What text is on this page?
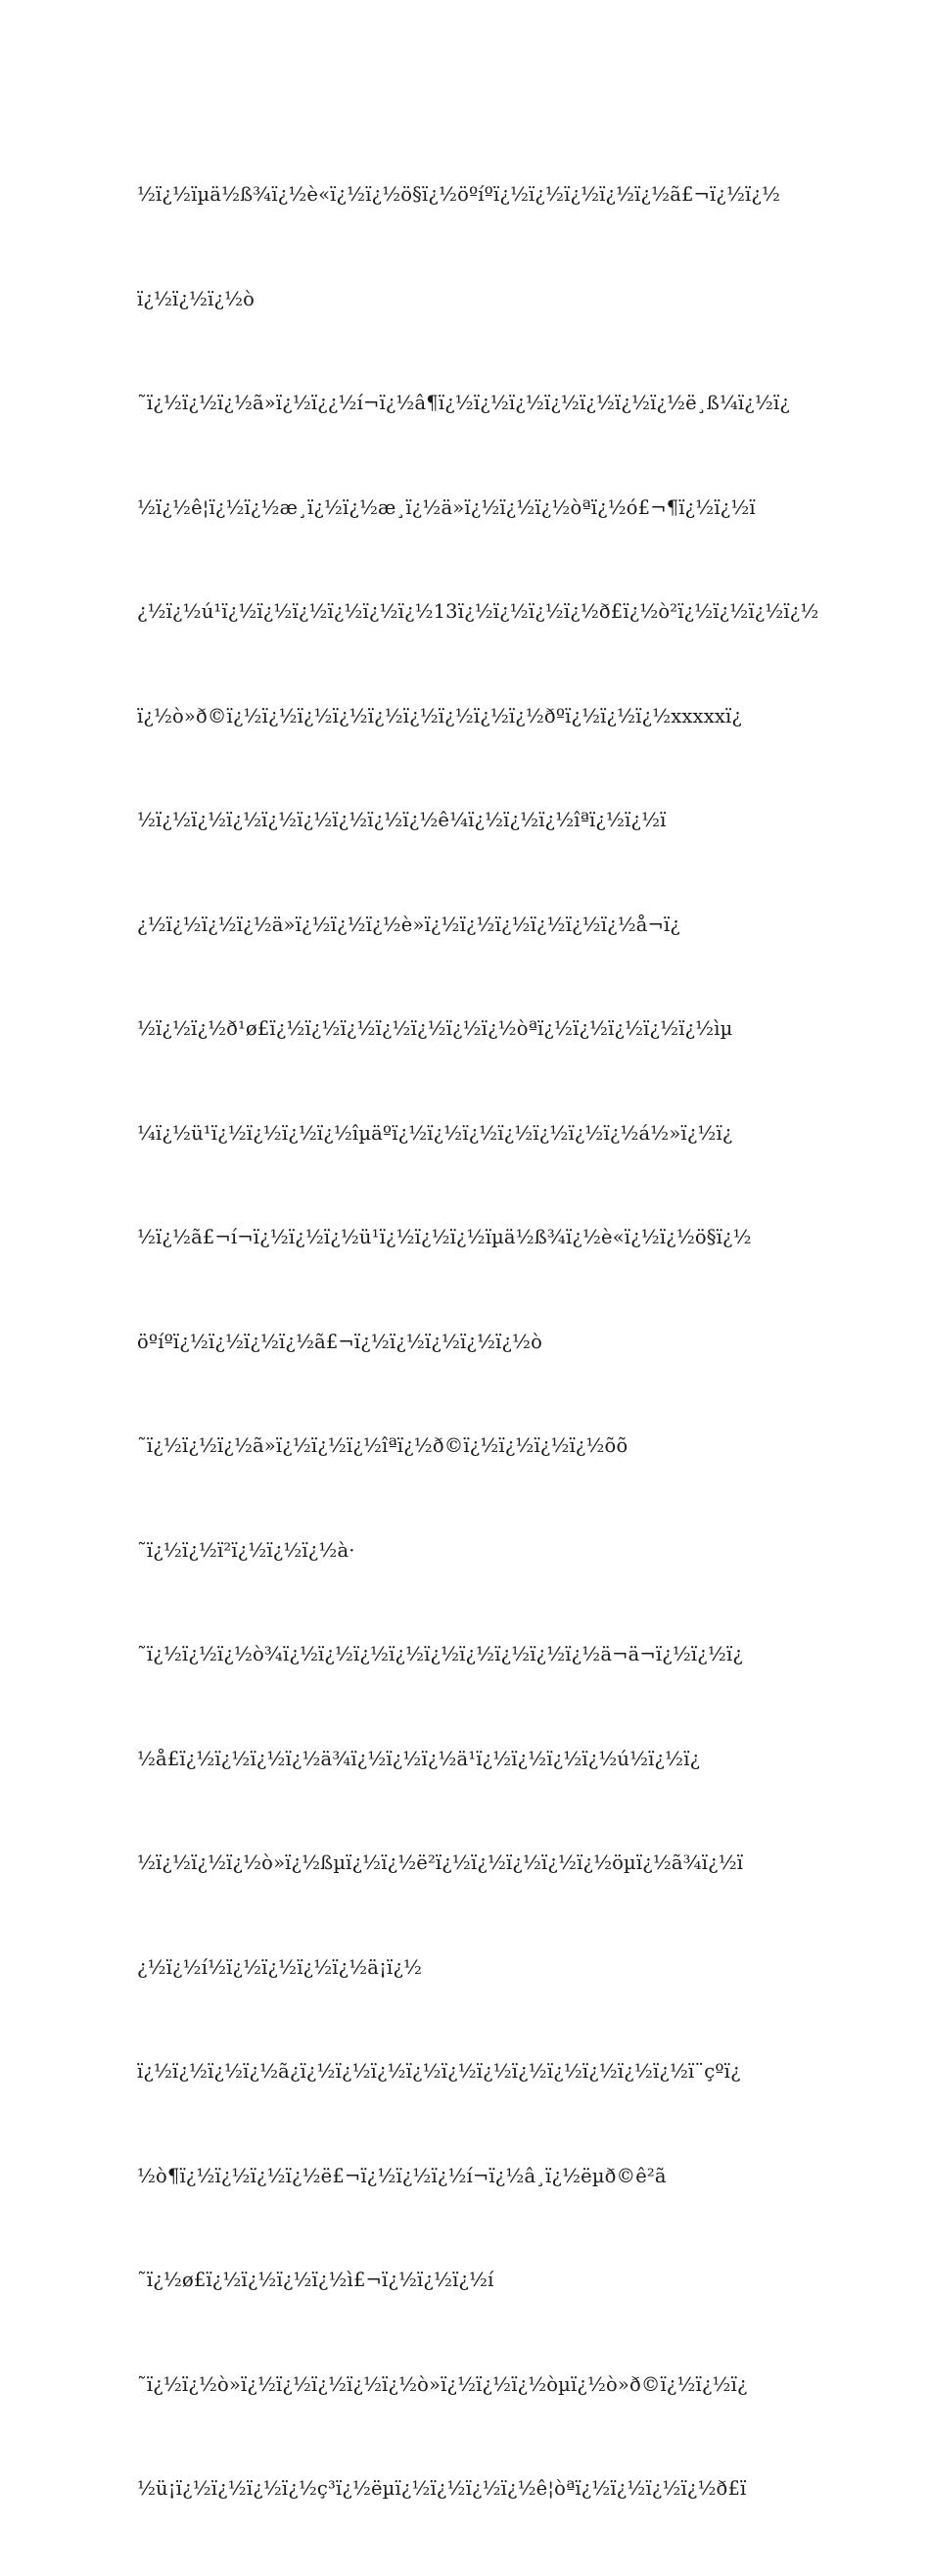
½ï¿½ïµä½ß¾ï¿½è«ï¿½ï¿½ö§ï¿½öºíºï¿½ï¿½ï¿½ï¿½ï¿½ã£¬ï¿½ï¿½

ï¿½ï¿½ï¿½ò

˜ï¿½ï¿½ï¿½ã»ï¿½ï¿¿½í¬ï¿½â¶ï¿½ï¿½ï¿½ï¿½ï¿½ï¿½ï¿½ë¸ß¼ï¿½ï¿

½ï¿½ê¦ï¿½ï¿½æ¸ï¿½ï¿½æ¸ï¿½ä»ï¿½ï¿½ï¿½òªï¿½ó£¬¶ï¿½ï¿½ï

¿½ï¿½ú¹ï¿½ï¿½ï¿½ï¿½ï¿½ï¿½13ï¿½ï¿½ï¿½ï¿½ð£ï¿½ò²ï¿½ï¿½ï¿½ï¿½

ï¿½ò»ð©ï¿½ï¿½ï¿½ï¿½ï¿½ï¿½ï¿½ï¿½ï¿½ðºï¿½ï¿½ï¿½xxxxxï¿

½ï¿½ï¿½ï¿½ï¿½ï¿½ï¿½ï¿½ï¿½ê¼ï¿½ï¿½ï¿½îªï¿½ï¿½ï

¿½ï¿½ï¿½ï¿½ä»ï¿½ï¿½ï¿½è»ï¿½ï¿½ï¿½ï¿½ï¿½ï¿½å¬ï¿

½ï¿½ï¿½ð¹ø£ï¿½ï¿½ï¿½ï¿½ï¿½ï¿½ï¿½òªï¿½ï¿½ï¿½ï¿½ï¿½ìµ

¼ï¿½ü¹ï¿½ï¿½ï¿½ï¿½îµäºï¿½ï¿½ï¿½ï¿½ï¿½ï¿½ï¿½á½»ï¿½ï¿

½ï¿½ã£¬í¬ï¿½ï¿½ï¿½ü¹ï¿½ï¿½ï¿½ïµä½ß¾ï¿½è«ï¿½ï¿½ö§ï¿½

öºíºï¿½ï¿½ï¿½ï¿½ã£¬ï¿½ï¿½ï¿½ï¿½ï¿½ò

˜ï¿½ï¿½ï¿½ã»ï¿½ï¿½ï¿½îªï¿½ð©ï¿½ï¿½ï¿½ï¿½õõ

˜ï¿½ï¿½ï²ï¿½ï¿½ï¿½à·

˜ï¿½ï¿½ï¿½ò¾ï¿½ï¿½ï¿½ï¿½ï¿½ï¿½ï¿½ï¿½ï¿½ä¬ä¬ï¿½ï¿½ï¿

½å£ï¿½ï¿½ï¿½ï¿½ä¾ï¿½ï¿½ï¿½ä¹ï¿½ï¿½ï¿½ï¿½ú½ï¿½ï¿

½ï¿½ï¿½ï¿½ò»ï¿½ßµï¿½ï¿½ë²ï¿½ï¿½ï¿½ï¿½ï¿½öµï¿½ã¾ï¿½ï

¿½ï¿½í½ï¿½ï¿½ï¿½ï¿½ä¡ï¿½

ï¿½ï¿½ï¿½ï¿½ã¿ï¿½ï¿½ï¿½ï¿½ï¿½ï¿½ï¿½ï¿½ï¿½ï¿½ï¿½ï¨çºï¿

½ò¶ï¿½ï¿½ï¿½ï¿½ë£¬ï¿½ï¿½ï¿½í¬ï¿½â¸ï¿½ëµð©ê²ã

˜ï¿½ø£ï¿½ï¿½ï¿½ï¿½ì£¬ï¿½ï¿½ï¿½í

˜ï¿½ï¿½ò»ï¿½ï¿½ï¿½ï¿½ï¿½ò»ï¿½ï¿½ï¿½òµï¿½ò»ð©ï¿½ï¿½ï¿

½ü¡ï¿½ï¿½ï¿½ï¿½ç³ï¿½ëµï¿½ï¿½ï¿½ï¿½ê¦òªï¿½ï¿½ï¿½ï¿½ð£ï
